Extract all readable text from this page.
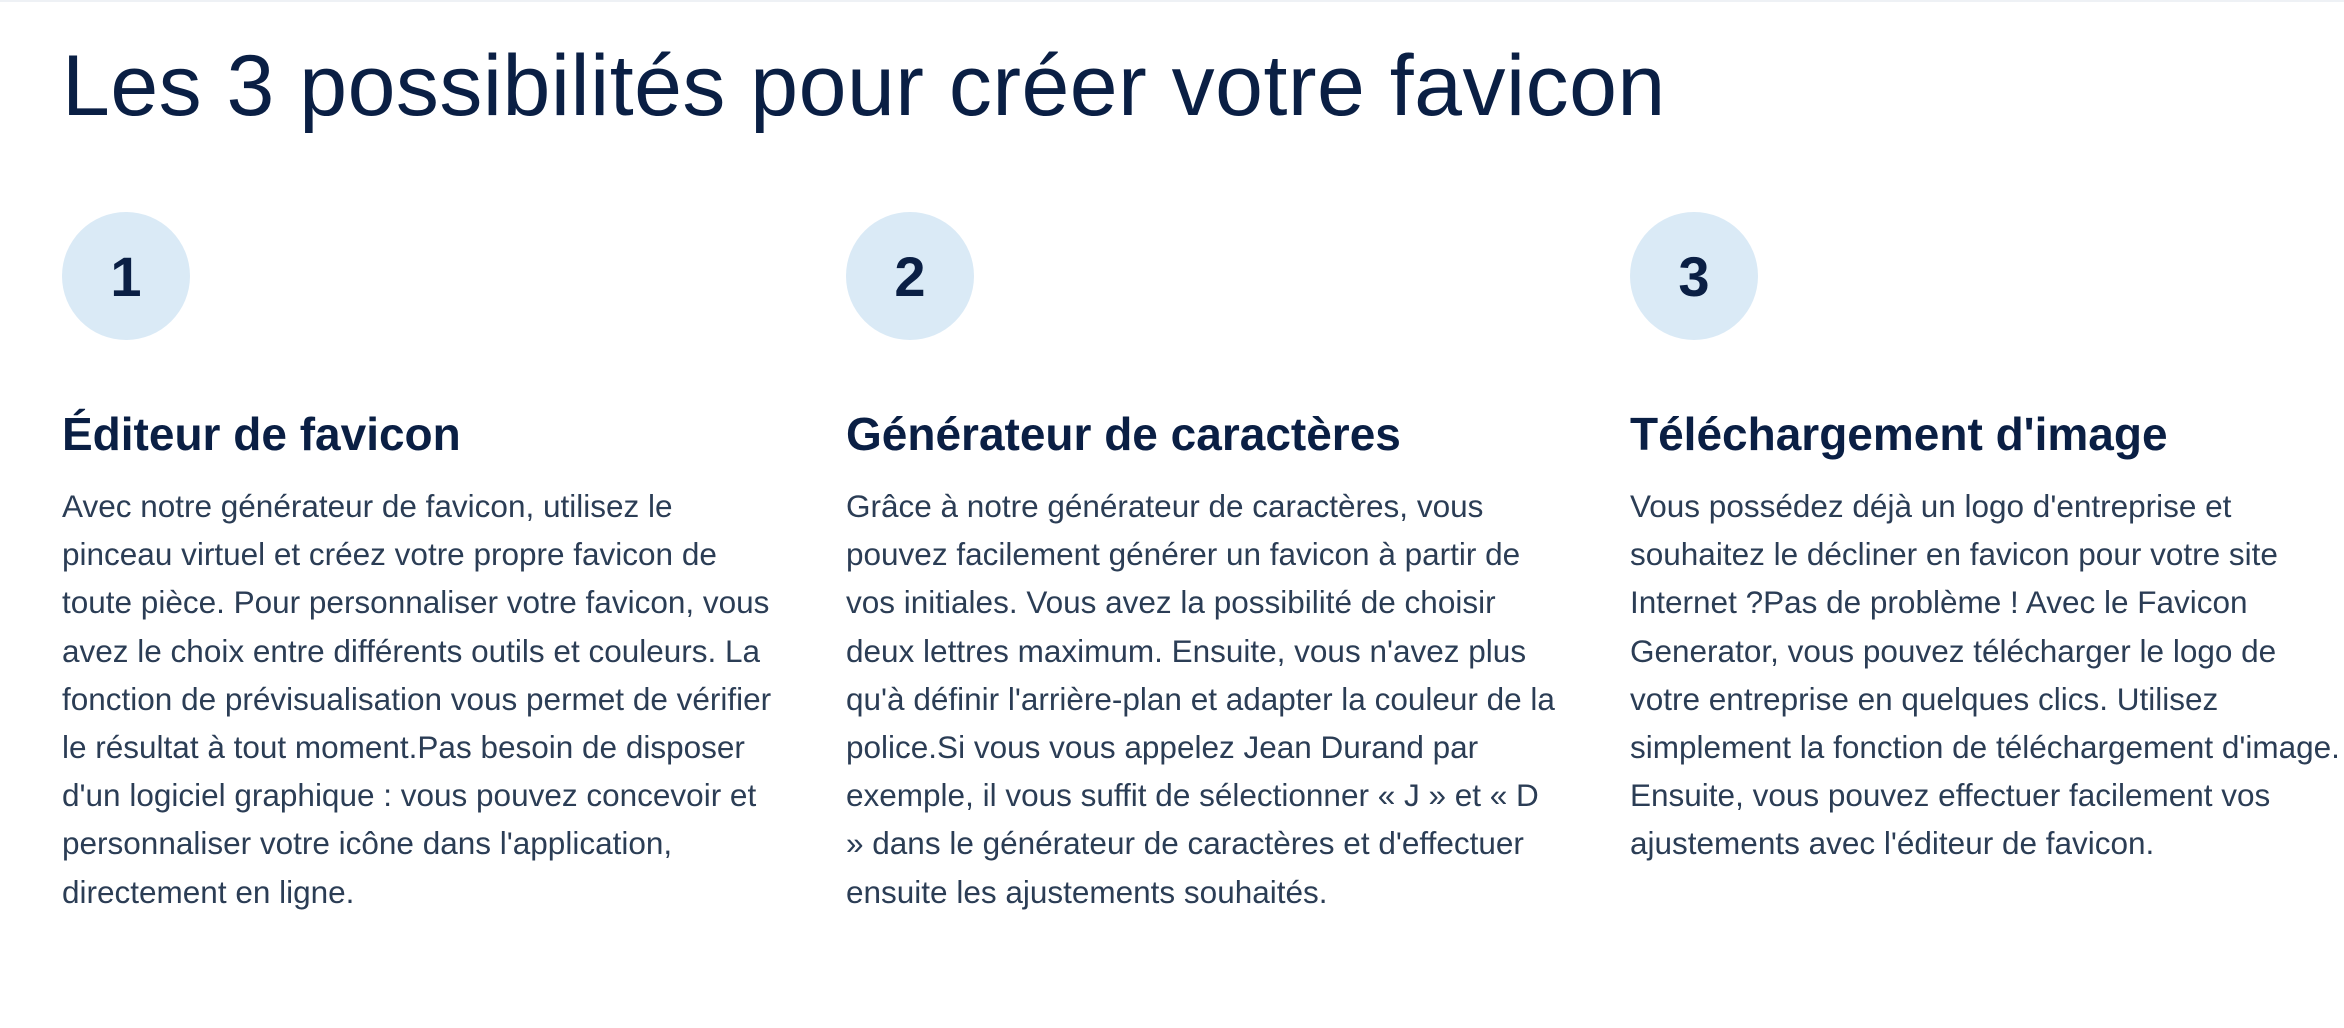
Les 3 possibilités pour créer votre favicon
1
Éditeur de favicon

Avec notre générateur de favicon, utilisez le pinceau virtuel et créez votre propre favicon de toute pièce. Pour personnaliser votre favicon, vous avez le choix entre différents outils et couleurs. La fonction de prévisualisation vous permet de vérifier le résultat à tout moment.Pas besoin de disposer d'un logiciel graphique : vous pouvez concevoir et personnaliser votre icône dans l'application, directement en ligne.

2
Générateur de caractères

Grâce à notre générateur de caractères, vous pouvez facilement générer un favicon à partir de vos initiales. Vous avez la possibilité de choisir deux lettres maximum. Ensuite, vous n'avez plus qu'à définir l'arrière-plan et adapter la couleur de la police.Si vous vous appelez Jean Durand par exemple, il vous suffit de sélectionner « J » et « D » dans le générateur de caractères et d'effectuer ensuite les ajustements souhaités.

3
Téléchargement d'image

Vous possédez déjà un logo d'entreprise et souhaitez le décliner en favicon pour votre site Internet ?Pas de problème ! Avec le Favicon Generator, vous pouvez télécharger le logo de votre entreprise en quelques clics. Utilisez simplement la fonction de téléchargement d'image. Ensuite, vous pouvez effectuer facilement vos ajustements avec l'éditeur de favicon.
